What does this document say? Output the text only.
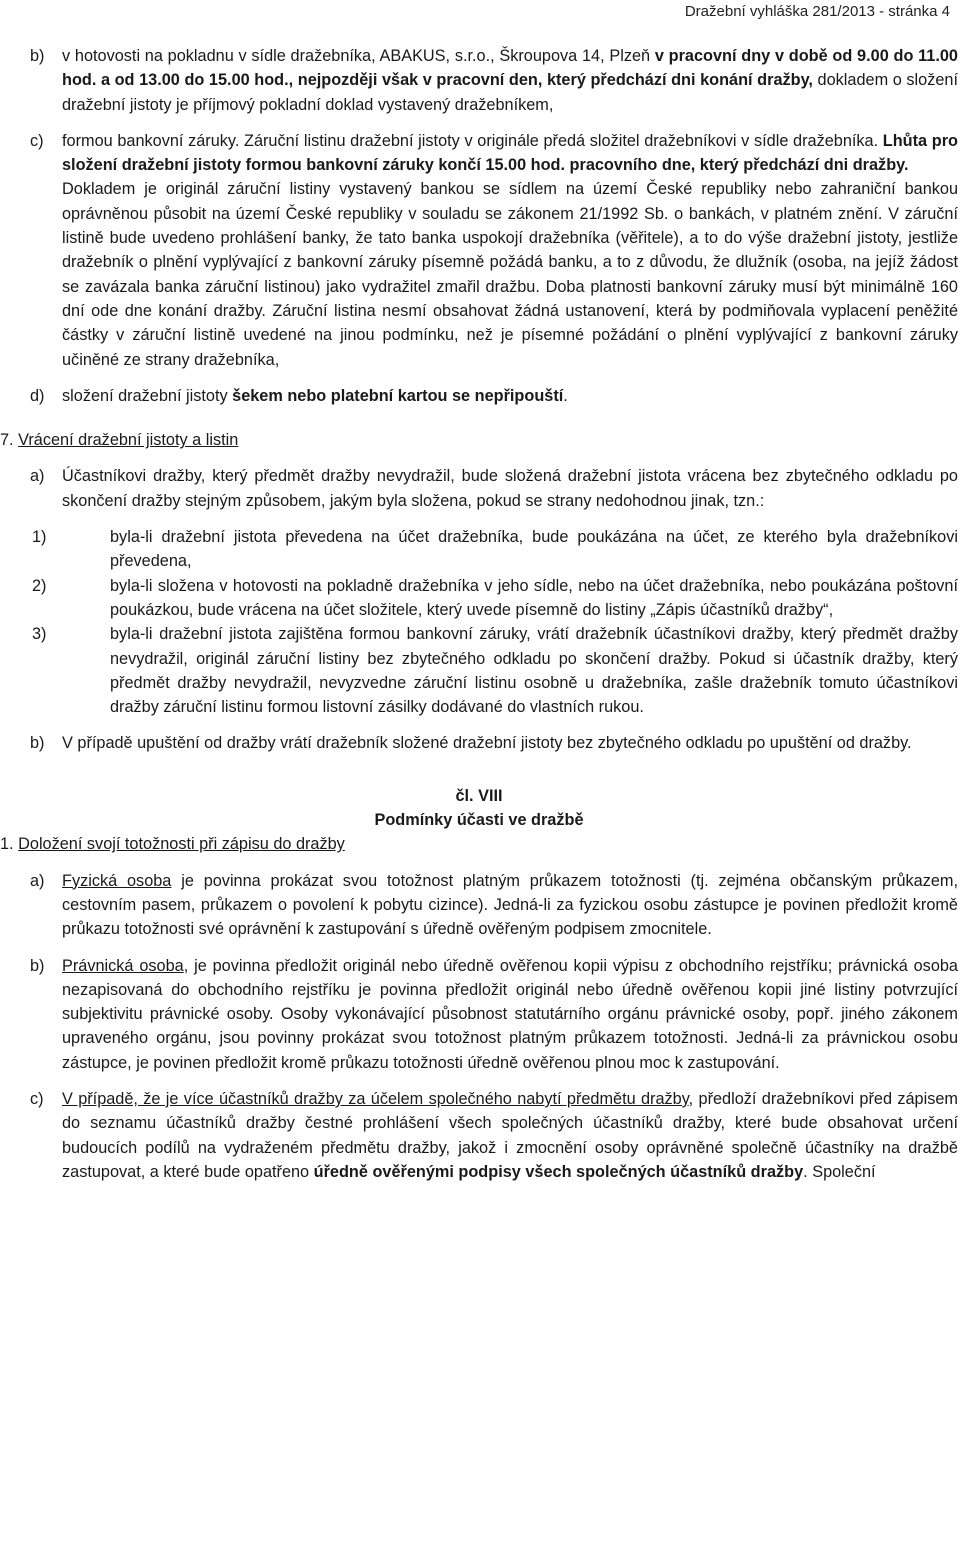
Dražební vyhláška 281/2013 - stránka 4
b) v hotovosti na pokladnu v sídle dražebníka, ABAKUS, s.r.o., Škroupova 14, Plzeň v pracovní dny v době od 9.00 do 11.00 hod. a od 13.00 do 15.00 hod., nejpozději však v pracovní den, který předchází dni konání dražby, dokladem o složení dražební jistoty je příjmový pokladní doklad vystavený dražebníkem,
c) formou bankovní záruky. Záruční listinu dražební jistoty v originále předá složitel dražebníkovi v sídle dražebníka. Lhůta pro složení dražební jistoty formou bankovní záruky končí 15.00 hod. pracovního dne, který předchází dni dražby.
Dokladem je originál záruční listiny vystavený bankou se sídlem na území České republiky nebo zahraniční bankou oprávněnou působit na území České republiky v souladu se zákonem 21/1992 Sb. o bankách, v platném znění. V záruční listině bude uvedeno prohlášení banky, že tato banka uspokojí dražebníka (věřitele), a to do výše dražební jistoty, jestliže dražebník o plnění vyplývající z bankovní záruky písemně požádá banku, a to z důvodu, že dlužník (osoba, na jejíž žádost se zavázala banka záruční listinou) jako vydražitel zmařil dražbu. Doba platnosti bankovní záruky musí být minimálně 160 dní ode dne konání dražby. Záruční listina nesmí obsahovat žádná ustanovení, která by podmiňovala vyplacení peněžité částky v záruční listině uvedené na jinou podmínku, než je písemné požádání o plnění vyplývající z bankovní záruky učiněné ze strany dražebníka,
d) složení dražební jistoty šekem nebo platební kartou se nepřipouští.
7. Vrácení dražební jistoty a listin
a) Účastníkovi dražby, který předmět dražby nevydražil, bude složená dražební jistota vrácena bez zbytečného odkladu po skončení dražby stejným způsobem, jakým byla složena, pokud se strany nedohodnou jinak, tzn.:
1)	byla-li dražební jistota převedena na účet dražebníka, bude poukázána na účet, ze kterého byla dražebníkovi převedena,
2)	byla-li složena v hotovosti na pokladně dražebníka v jeho sídle, nebo na účet dražebníka, nebo poukázána poštovní poukázkou, bude vrácena na účet složitele, který uvede písemně do listiny „Zápis účastníků dražby“,
3)	byla-li dražební jistota zajištěna formou bankovní záruky, vrátí dražebník účastníkovi dražby, který předmět dražby nevydražil, originál záruční listiny bez zbytečného odkladu po skončení dražby. Pokud si účastník dražby, který předmět dražby nevydražil, nevyzvedne záruční listinu osobně u dražebníka, zašle dražebník tomuto účastníkovi dražby záruční listinu formou listovní zásilky dodávané do vlastních rukou.
b) V případě upuštění od dražby vrátí dražebník složené dražební jistoty bez zbytečného odkladu po upuštění od dražby.
čl. VIII
Podmínky účasti ve dražbě
1. Doložení svojí totožnosti při zápisu do dražby
a) Fyzická osoba je povinna prokázat svou totožnost platným průkazem totožnosti (tj. zejména občanským průkazem, cestovním pasem, průkazem o povolení k pobytu cizince). Jedná-li za fyzickou osobu zástupce je povinen předložit kromě průkazu totožnosti své oprávnění k zastupování s úředně ověřeným podpisem zmocnitele.
b) Právnická osoba, je povinna předložit originál nebo úředně ověřenou kopii výpisu z obchodního rejstříku; právnická osoba nezapisovaná do obchodního rejstříku je povinna předložit originál nebo úředně ověřenou kopii jiné listiny potvrzující subjektivitu právnické osoby. Osoby vykonávající působnost statutárního orgánu právnické osoby, popř. jiného zákonem upraveného orgánu, jsou povinny prokázat svou totožnost platným průkazem totožnosti. Jedná-li za právnickou osobu zástupce, je povinen předložit kromě průkazu totožnosti úředně ověřenou plnou moc k zastupování.
c) V případě, že je více účastníků dražby za účelem společného nabytí předmětu dražby, předloží dražebníkovi před zápisem do seznamu účastníků dražby čestné prohlášení všech společných účastníků dražby, které bude obsahovat určení budoucích podílů na vydraženém předmětu dražby, jakož i zmocnění osoby oprávněné společně účastníky na dražbě zastupovat, a které bude opatřeno úředně ověřenými podpisy všech společných účastníků dražby. Společní
